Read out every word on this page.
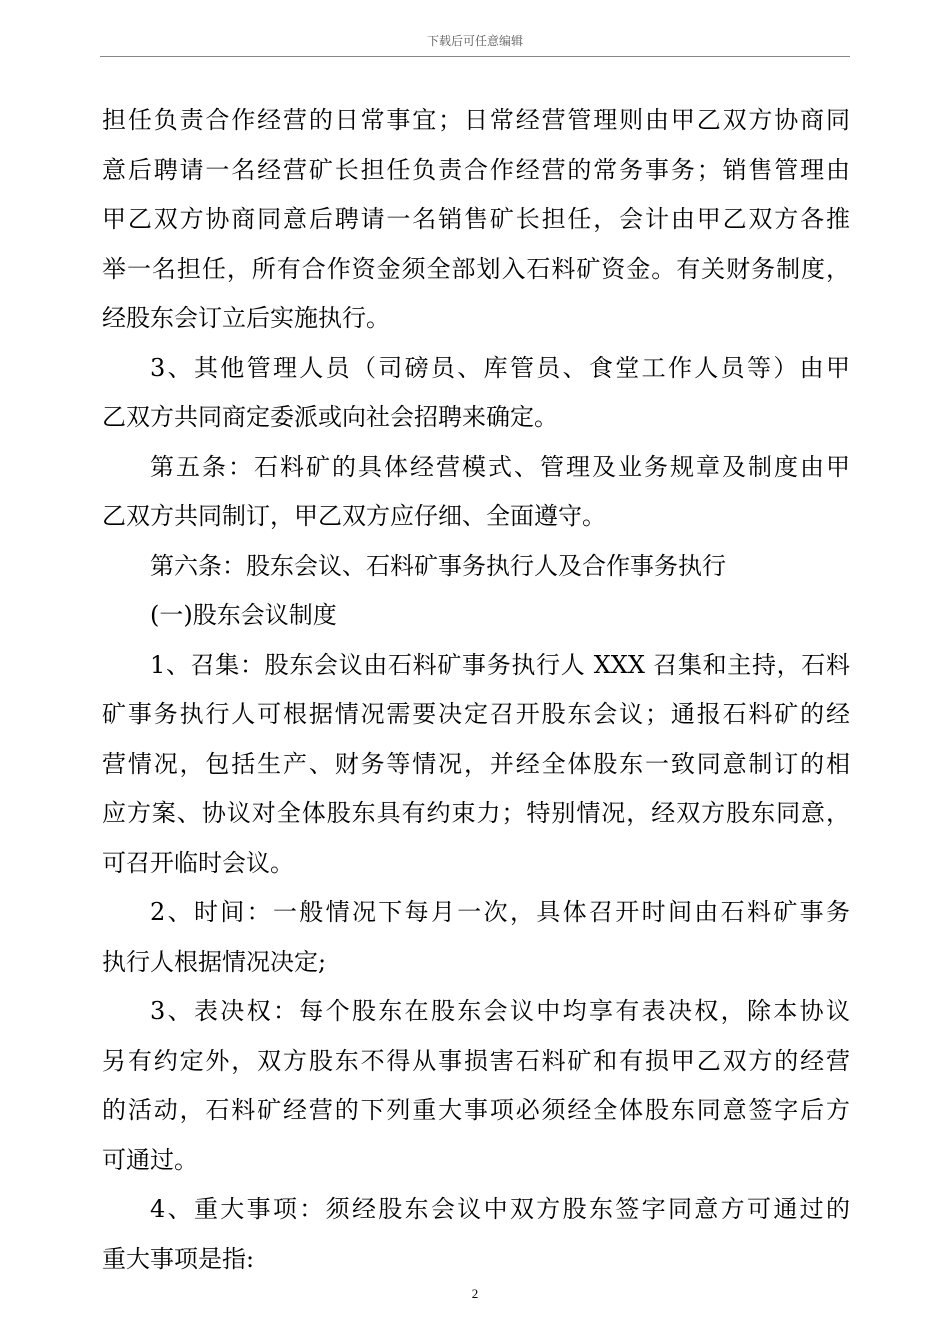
下载后可任意编辑
担任负责合作经营的日常事宜；日常经营管理则由甲乙双方协商同
意后聘请一名经营矿长担任负责合作经营的常务事务；销售管理由
甲乙双方协商同意后聘请一名销售矿长担任，会计由甲乙双方各推
举一名担任，所有合作资金须全部划入石料矿资金。有关财务制度，
经股东会订立后实施执行。
3、其他管理人员（司磅员、库管员、食堂工作人员等）由甲
乙双方共同商定委派或向社会招聘来确定。
第五条：石料矿的具体经营模式、管理及业务规章及制度由甲
乙双方共同制订，甲乙双方应仔细、全面遵守。
第六条：股东会议、石料矿事务执行人及合作事务执行
(一)股东会议制度
1、召集：股东会议由石料矿事务执行人 XXX 召集和主持，石料
矿事务执行人可根据情况需要决定召开股东会议；通报石料矿的经
营情况，包括生产、财务等情况，并经全体股东一致同意制订的相
应方案、协议对全体股东具有约束力；特别情况，经双方股东同意，
可召开临时会议。
2、时间：一般情况下每月一次，具体召开时间由石料矿事务
执行人根据情况决定;
3、表决权：每个股东在股东会议中均享有表决权，除本协议
另有约定外，双方股东不得从事损害石料矿和有损甲乙双方的经营
的活动，石料矿经营的下列重大事项必须经全体股东同意签字后方
可通过。
4、重大事项：须经股东会议中双方股东签字同意方可通过的
重大事项是指:
2
